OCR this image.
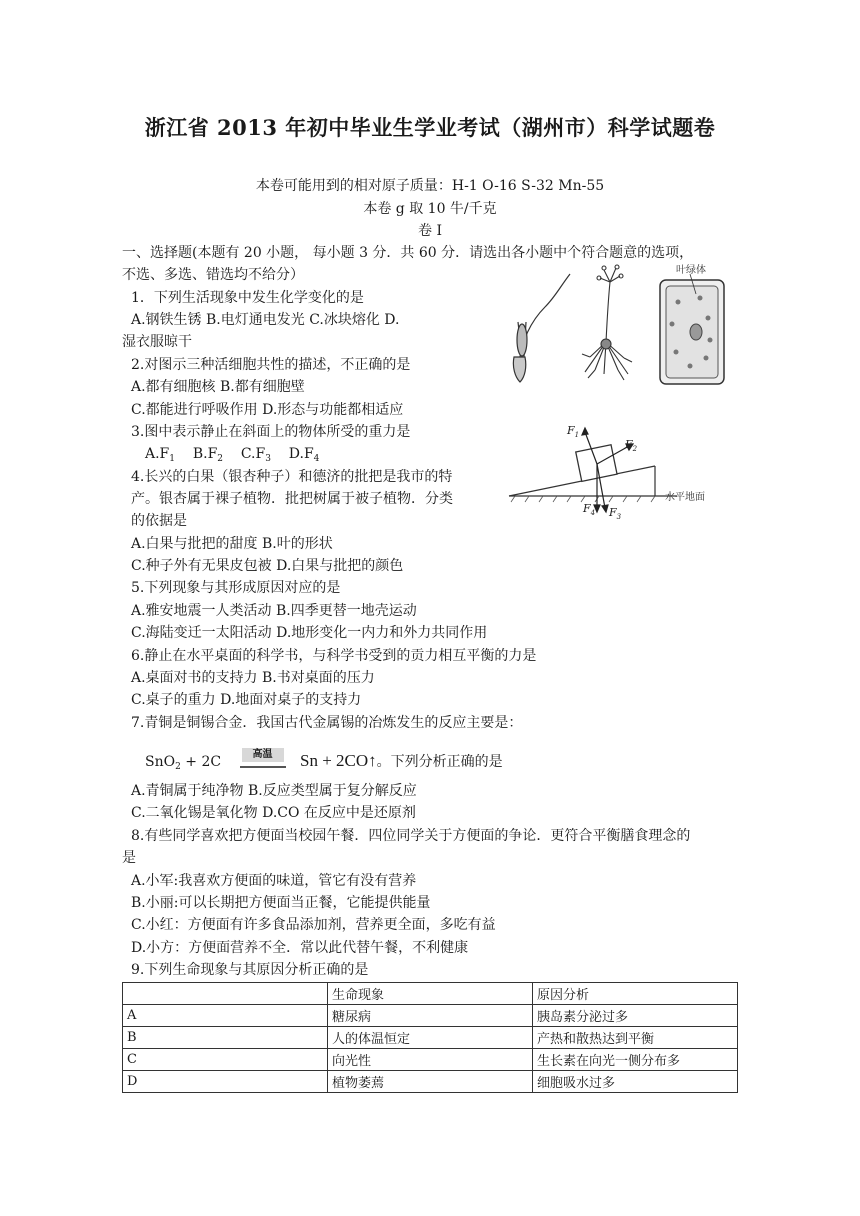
浙江省 2013 年初中毕业生学业考试（湖州市）科学试题卷
本卷可能用到的相对原子质量：H-1 O-16 S-32 Mn-55
本卷 g 取 10 牛/千克
卷 I
一、选择题(本题有 20 小题， 每小题 3 分．共 60 分．请选出各小题中个符合题意的选项，
不选、多选、错选均不给分）
1．下列生活现象中发生化学变化的是
A.钢铁生锈 B.电灯通电发光 C.冰块熔化 D.
湿衣服晾干
2.对图示三种活细胞共性的描述，不正确的是
A.都有细胞核 B.都有细胞壁
C.都能进行呼吸作用 D.形态与功能都相适应
3.图中表示静止在斜面上的物体所受的重力是
$A.F_1$ $B.F_2$ $C.F_3$ $D.F_4$
4.长兴的白果（银杏种子）和德济的批把是我市的特
产。银杏属于裸子植物．批把树属于被子植物．分类
的依据是
A.白果与批把的甜度 B.叶的形状
C.种子外有无果皮包被 D.白果与批把的颜色
5.下列现象与其形成原因对应的是
A.雅安地震一人类活动 B.四季更替一地壳运动
C.海陆变迁一太阳活动 D.地形变化一内力和外力共同作用
6.静止在水平桌面的科学书，与科学书受到的贡力相互平衡的力是
A.桌面对书的支持力 B.书对桌面的压力
C.桌子的重力 D.地面对桌子的支持力
7.青铜是铜锡合金．我国古代金属锡的冶炼发生的反应主要是：
SnO$_2$ + 2C	高温	Sn + 2CO↑。下列分析正确的是
A.青铜属于纯净物 B.反应类型属于复分解反应
C.二氧化锡是氧化物 D.CO 在反应中是还原剂
8.有些同学喜欢把方便面当校园午餐．四位同学关于方便面的争论．更符合平衡膳食理念的
是
A.小军:我喜欢方便面的味道，管它有没有营养
B.小丽:可以长期把方便面当正餐，它能提供能量
C.小红：方便面有许多食品添加剂，营养更全面，多吃有益
D.小方：方便面营养不全．常以此代替午餐，不利健康
9.下列生命现象与其原因分析正确的是
	生命现象	原因分析
A	糖尿病	胰岛素分泌过多
B	人的体温恒定	产热和散热达到平衡
C	向光性	生长素在向光一侧分布多
D	植物萎蔫	细胞吸水过多
叶绿体
$F_1$
$F_2$
$F_3$
$F_4$
水平地面
